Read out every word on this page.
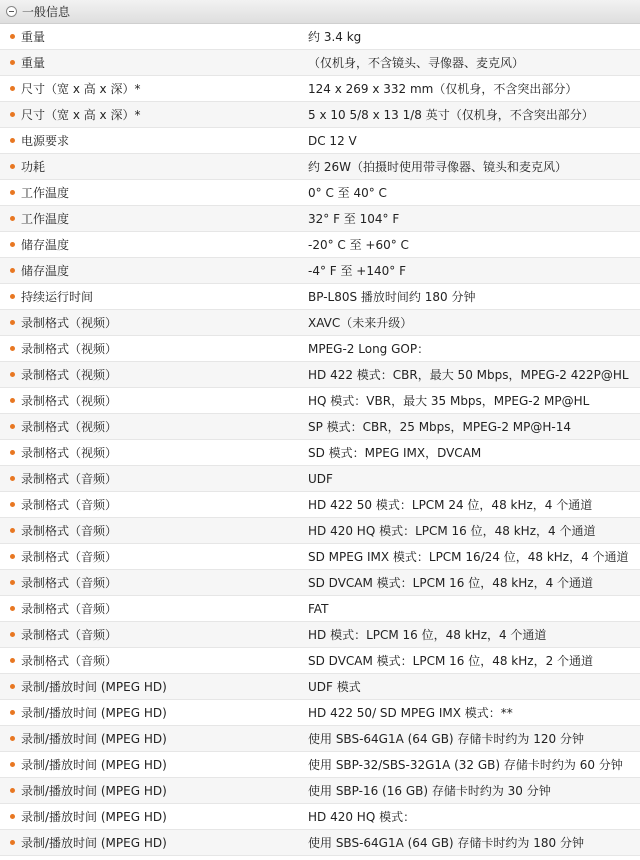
一般信息
重量	约 3.4 kg
重量	（仅机身，不含镜头、寻像器、麦克风）
尺寸（宽 x 高 x 深）*	124 x 269 x 332 mm（仅机身，不含突出部分）
尺寸（宽 x 高 x 深）*	5 x 10 5/8 x 13 1/8 英寸（仅机身，不含突出部分）
电源要求	DC 12 V
功耗	约 26W（拍摄时使用带寻像器、镜头和麦克风）
工作温度	0° C 至 40° C
工作温度	32° F 至 104° F
储存温度	-20° C 至 +60° C
储存温度	-4° F 至 +140° F
持续运行时间	BP-L80S 播放时间约 180 分钟
录制格式（视频）	XAVC（未来升级）
录制格式（视频）	MPEG-2 Long GOP：
录制格式（视频）	HD 422 模式：CBR，最大 50 Mbps，MPEG-2 422P@HL
录制格式（视频）	HQ 模式：VBR，最大 35 Mbps，MPEG-2 MP@HL
录制格式（视频）	SP 模式：CBR，25 Mbps，MPEG-2 MP@H-14
录制格式（视频）	SD 模式：MPEG IMX，DVCAM
录制格式（音频）	UDF
录制格式（音频）	HD 422 50 模式：LPCM 24 位，48 kHz，4 个通道
录制格式（音频）	HD 420 HQ 模式：LPCM 16 位，48 kHz，4 个通道
录制格式（音频）	SD MPEG IMX 模式：LPCM 16/24 位，48 kHz，4 个通道
录制格式（音频）	SD DVCAM 模式：LPCM 16 位，48 kHz，4 个通道
录制格式（音频）	FAT
录制格式（音频）	HD 模式：LPCM 16 位，48 kHz，4 个通道
录制格式（音频）	SD DVCAM 模式：LPCM 16 位，48 kHz，2 个通道
录制/播放时间 (MPEG HD)	UDF 模式
录制/播放时间 (MPEG HD)	HD 422 50/ SD MPEG IMX 模式：**
录制/播放时间 (MPEG HD)	使用 SBS-64G1A (64 GB) 存储卡时约为 120 分钟
录制/播放时间 (MPEG HD)	使用 SBP-32/SBS-32G1A (32 GB) 存储卡时约为 60 分钟
录制/播放时间 (MPEG HD)	使用 SBP-16 (16 GB) 存储卡时约为 30 分钟
录制/播放时间 (MPEG HD)	HD 420 HQ 模式：
录制/播放时间 (MPEG HD)	使用 SBS-64G1A (64 GB) 存储卡时约为 180 分钟
